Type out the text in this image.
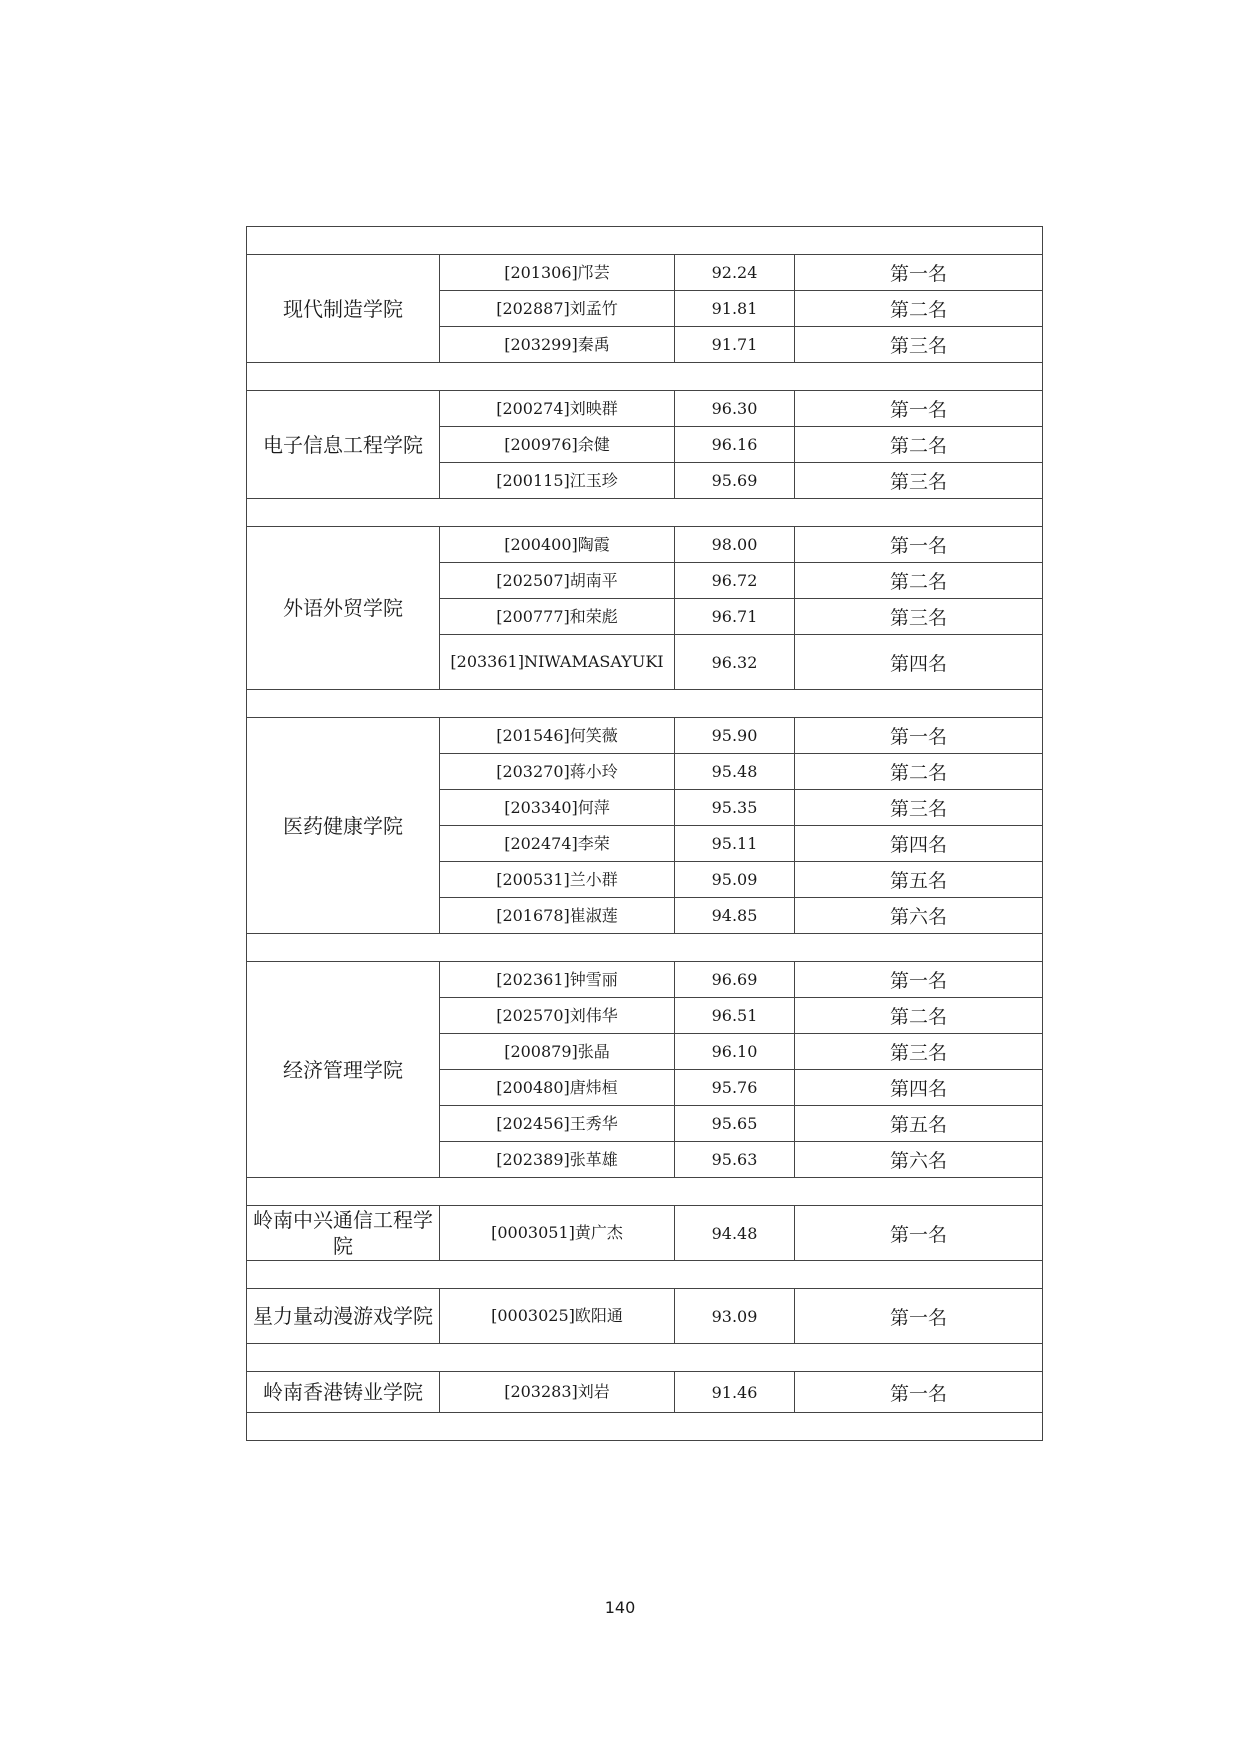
现代制造学院	[201306]邝芸	92.24	第一名
	[202887]刘孟竹	91.81	第二名
	[203299]秦禹	91.71	第三名

电子信息工程学院	[200274]刘映群	96.30	第一名
	[200976]余健	96.16	第二名
	[200115]江玉珍	95.69	第三名

外语外贸学院	[200400]陶霞	98.00	第一名
	[202507]胡南平	96.72	第二名
	[200777]和荣彪	96.71	第三名
	[203361]NIWAMASAYUKI	96.32	第四名

医药健康学院	[201546]何笑薇	95.90	第一名
	[203270]蒋小玲	95.48	第二名
	[203340]何萍	95.35	第三名
	[202474]李荣	95.11	第四名
	[200531]兰小群	95.09	第五名
	[201678]崔淑莲	94.85	第六名

经济管理学院	[202361]钟雪丽	96.69	第一名
	[202570]刘伟华	96.51	第二名
	[200879]张晶	96.10	第三名
	[200480]唐炜桓	95.76	第四名
	[202456]王秀华	95.65	第五名
	[202389]张革雄	95.63	第六名

岭南中兴通信工程学院	[0003051]黄广杰	94.48	第一名

星力量动漫游戏学院	[0003025]欧阳通	93.09	第一名

岭南香港铸业学院	[203283]刘岩	91.46	第一名

140
